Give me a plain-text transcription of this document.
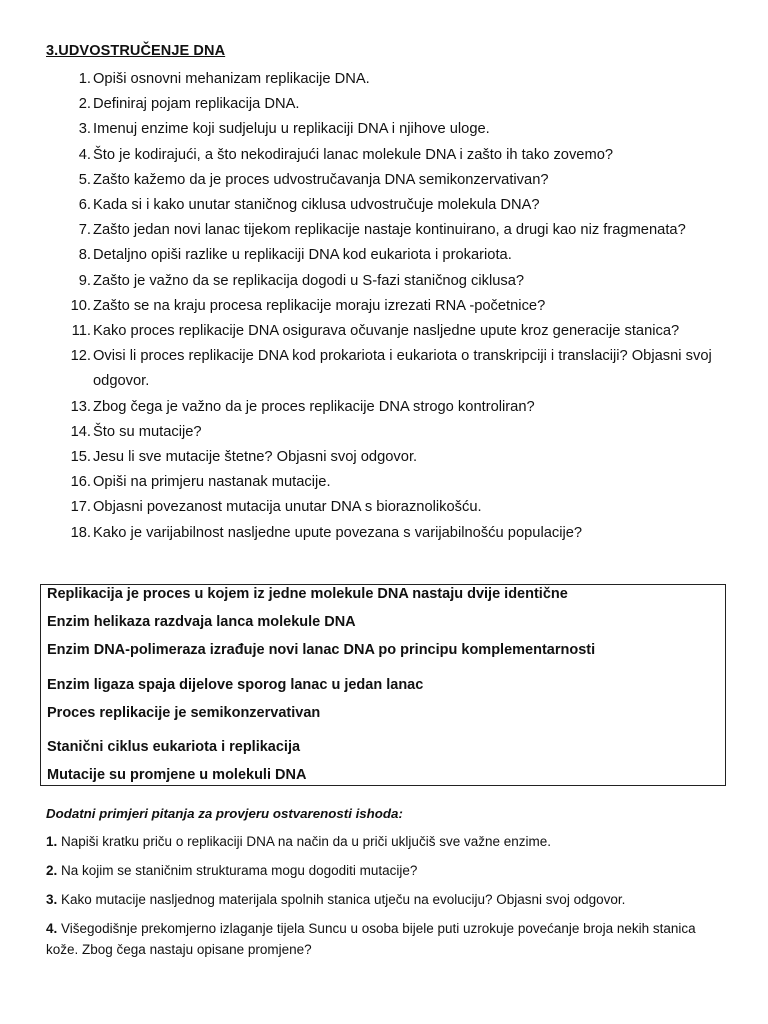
3.UDVOSTRUČENJE DNA
1. Opiši osnovni mehanizam replikacije DNA.
2. Definiraj pojam replikacija DNA.
3. Imenuj enzime koji sudjeluju u replikaciji DNA i njihove uloge.
4. Što je kodirajući, a što nekodirajući lanac molekule DNA i zašto ih tako zovemo?
5. Zašto kažemo da je proces udvostručavanja DNA semikonzervativan?
6. Kada si i kako unutar staničnog ciklusa udvostručuje molekula DNA?
7. Zašto jedan novi lanac tijekom replikacije nastaje kontinuirano, a drugi kao niz fragmenata?
8. Detaljno opiši razlike u replikaciji DNA kod eukariota i prokariota.
9. Zašto je važno da se replikacija dogodi u S-fazi staničnog ciklusa?
10. Zašto se na kraju procesa replikacije moraju izrezati RNA -početnice?
11. Kako proces replikacije DNA osigurava očuvanje nasljedne upute kroz generacije stanica?
12. Ovisi li proces replikacije DNA kod prokariota i eukariota o transkripciji i translaciji? Objasni svoj odgovor.
13. Zbog čega je važno da je proces replikacije DNA strogo kontroliran?
14. Što su mutacije?
15. Jesu li sve mutacije štetne? Objasni svoj odgovor.
16. Opiši na primjeru nastanak mutacije.
17. Objasni povezanost mutacija unutar DNA s bioraznolikošću.
18. Kako je varijabilnost nasljedne upute povezana s varijabilnošću populacije?
Replikacija je proces u kojem iz jedne molekule DNA nastaju dvije identične
Enzim helikaza razdvaja lanca molekule DNA
Enzim DNA-polimeraza izrađuje novi lanac DNA po principu komplementarnosti
Enzim ligaza spaja dijelove sporog lanac u jedan lanac
Proces replikacije je semikonzervativan
Stanični ciklus eukariota i replikacija
Mutacije su promjene u molekuli DNA
Dodatni primjeri pitanja za provjeru ostvarenosti ishoda:
1. Napiši kratku priču o replikaciji DNA na način da u priči uključiš sve važne enzime.
2. Na kojim se staničnim strukturama mogu dogoditi mutacije?
3. Kako mutacije nasljednog materijala spolnih stanica utječu na evoluciju? Objasni svoj odgovor.
4. Višegodišnje prekomjerno izlaganje tijela Suncu u osoba bijele puti uzrokuje povećanje broja nekih stanica kože. Zbog čega nastaju opisane promjene?
